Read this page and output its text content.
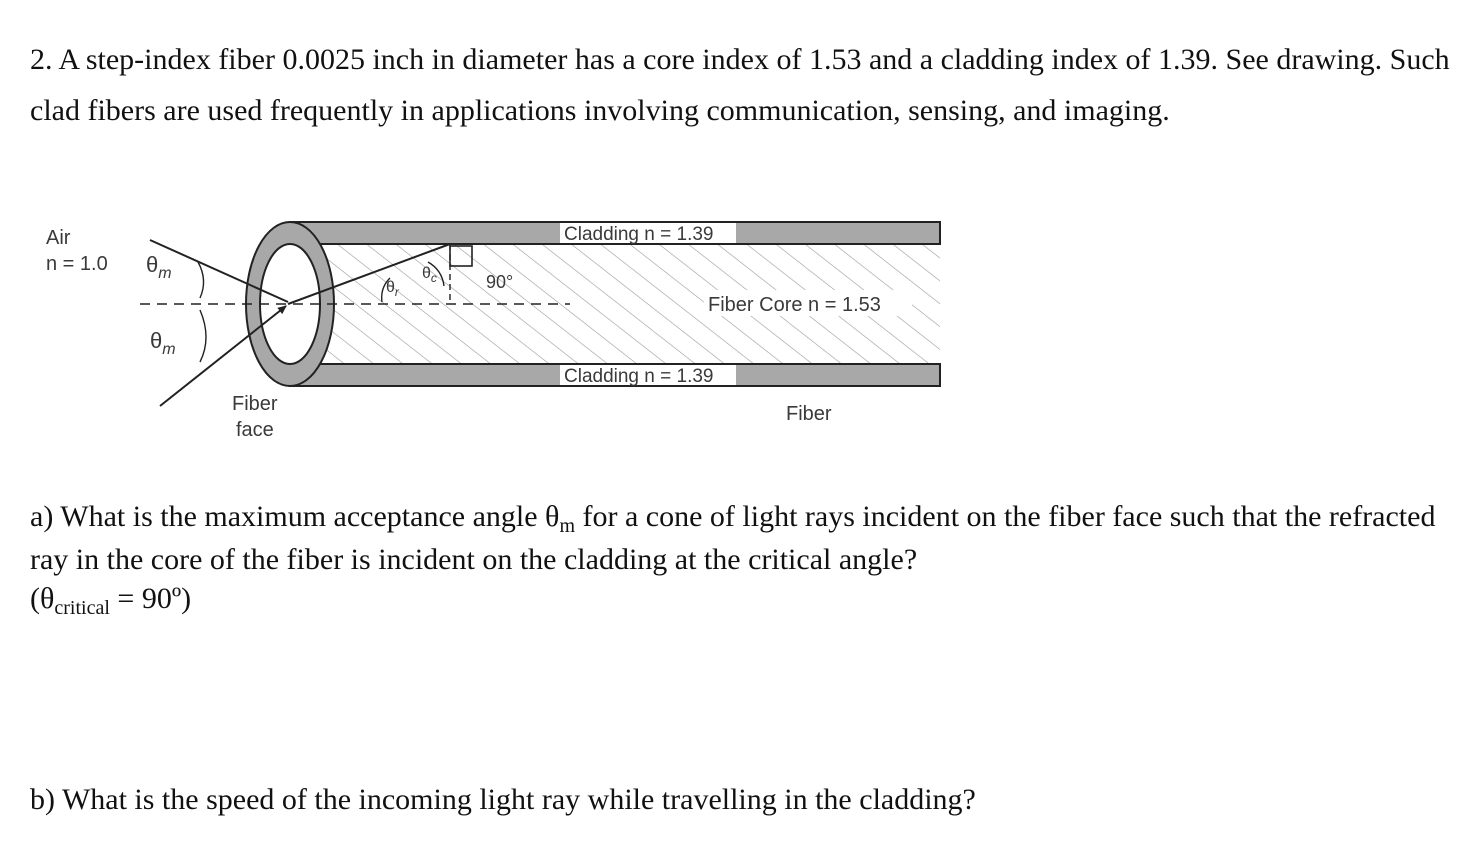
2. A step-index fiber 0.0025 inch in diameter has a core index of 1.53 and a cladding index of 1.39. See drawing. Such clad fibers are used frequently in applications involving communication, sensing, and imaging.

Air
n = 1.0 $\theta_m$
$\theta_m$
$\theta_r$
$\theta_c$	90°
Cladding n = 1.39
Fiber Core n = 1.53
Cladding n = 1.39
Fiber
face
Fiber

a) What is the maximum acceptance angle $\theta_m$ for a cone of light rays incident on the fiber face such that the refracted ray in the core of the fiber is incident on the cladding at the critical angle?
($\theta_{critical}$ = 90º)

b) What is the speed of the incoming light ray while travelling in the cladding?
